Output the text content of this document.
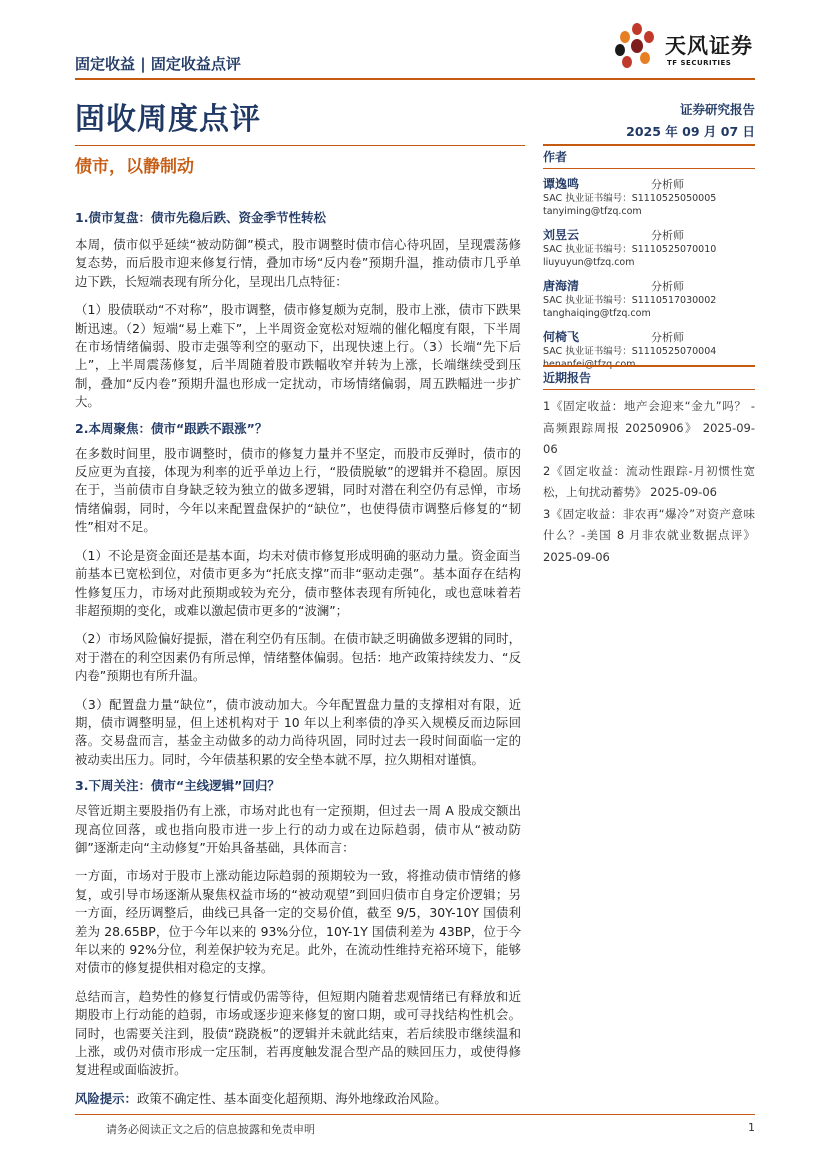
天风证券
TF SECURITIES
固定收益 | 固定收益点评
固收周度点评	证券研究报告
2025 年 09 月 07 日
债市，以静制动
1.债市复盘：债市先稳后跌、资金季节性转松

本周，债市似乎延续“被动防御”模式，股市调整时债市信心待巩固，呈现震荡修复态势，而后股市迎来修复行情，叠加市场“反内卷”预期升温，推动债市几乎单边下跌，长短端表现有所分化，呈现出几点特征：

（1）股债联动“不对称”，股市调整，债市修复颇为克制，股市上涨，债市下跌果断迅速。（2）短端“易上难下”，上半周资金宽松对短端的催化幅度有限，下半周在市场情绪偏弱、股市走强等利空的驱动下，出现快速上行。（3）长端“先下后上”，上半周震荡修复，后半周随着股市跌幅收窄并转为上涨，长端继续受到压制，叠加“反内卷”预期升温也形成一定扰动，市场情绪偏弱，周五跌幅进一步扩大。

2.本周聚焦：债市“跟跌不跟涨”？

在多数时间里，股市调整时，债市的修复力量并不坚定，而股市反弹时，债市的反应更为直接，体现为利率的近乎单边上行，“股债脱敏”的逻辑并不稳固。原因在于，当前债市自身缺乏较为独立的做多逻辑，同时对潜在利空仍有忌惮，市场情绪偏弱，同时，今年以来配置盘保护的“缺位”，也使得债市调整后修复的“韧性”相对不足。

（1）不论是资金面还是基本面，均未对债市修复形成明确的驱动力量。资金面当前基本已宽松到位，对债市更多为“托底支撑”而非“驱动走强”。基本面存在结构性修复压力，市场对此预期或较为充分，债市整体表现有所钝化，或也意味着若非超预期的变化，或难以激起债市更多的“波澜”；

（2）市场风险偏好提振，潜在利空仍有压制。在债市缺乏明确做多逻辑的同时，对于潜在的利空因素仍有所忌惮，情绪整体偏弱。包括：地产政策持续发力、“反内卷”预期也有所升温。

（3）配置盘力量“缺位”，债市波动加大。今年配置盘力量的支撑相对有限，近期，债市调整明显，但上述机构对于 10 年以上利率债的净买入规模反而边际回落。交易盘而言，基金主动做多的动力尚待巩固，同时过去一段时间面临一定的被动卖出压力。同时，今年债基积累的安全垫本就不厚，拉久期相对谨慎。

3.下周关注：债市“主线逻辑”回归？

尽管近期主要股指仍有上涨，市场对此也有一定预期，但过去一周 A 股成交额出现高位回落，或也指向股市进一步上行的动力或在边际趋弱，债市从“被动防御”逐渐走向“主动修复”开始具备基础，具体而言：

一方面，市场对于股市上涨动能边际趋弱的预期较为一致，将推动债市情绪的修复，或引导市场逐渐从聚焦权益市场的“被动观望”到回归债市自身定价逻辑；另一方面，经历调整后，曲线已具备一定的交易价值，截至 9/5，30Y-10Y 国债利差为 28.65BP，位于今年以来的 93%分位，10Y-1Y 国债利差为 43BP，位于今年以来的 92%分位，利差保护较为充足。此外，在流动性维持充裕环境下，能够对债市的修复提供相对稳定的支撑。

总结而言，趋势性的修复行情或仍需等待，但短期内随着悲观情绪已有释放和近期股市上行动能的趋弱，市场或逐步迎来修复的窗口期，或可寻找结构性机会。同时，也需要关注到，股债“跷跷板”的逻辑并未就此结束，若后续股市继续温和上涨，或仍对债市形成一定压制，若再度触发混合型产品的赎回压力，或使得修复进程或面临波折。

风险提示：政策不确定性、基本面变化超预期、海外地缘政治风险。

作者
谭逸鸣	分析师
SAC 执业证书编号：S1110525050005
tanyiming@tfzq.com
刘昱云	分析师
SAC 执业证书编号：S1110525070010
liuyuyun@tfzq.com
唐海清	分析师
SAC 执业证书编号：S1110517030002
tanghaiqing@tfzq.com
何椅飞	分析师
SAC 执业证书编号：S1110525070004
henanfei@tfzq.com
近期报告
1《固定收益：地产会迎来“金九”吗？ - 高频跟踪周报 20250906》 2025-09-06
2《固定收益：流动性跟踪-月初惯性宽松，上旬扰动蓄势》 2025-09-06
3《固定收益：非农再“爆冷”对资产意味什么？-美国 8 月非农就业数据点评》 2025-09-06
请务必阅读正文之后的信息披露和免责申明	1
